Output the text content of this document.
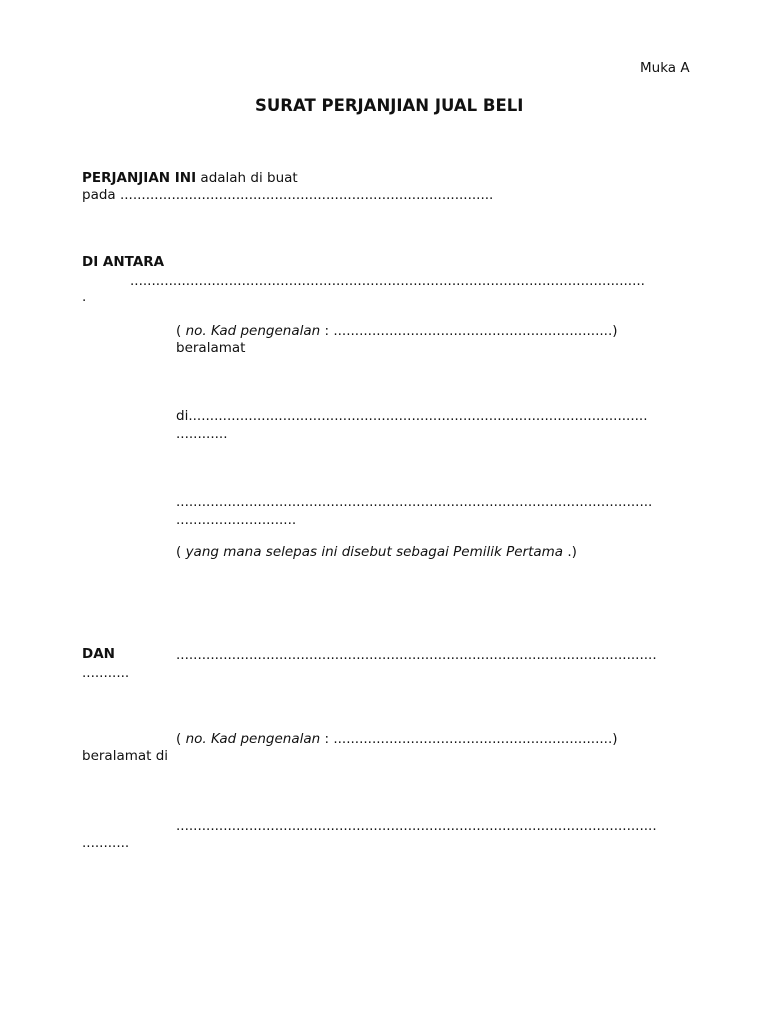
Muka A
SURAT PERJANJIAN JUAL BELI
PERJANJIAN INI adalah di buat
pada .......................................................................................
DI ANTARA
........................................................................................................................
.
( no. Kad pengenalan : .................................................................)
beralamat
di...........................................................................................................
............
...............................................................................................................
............................
( yang mana selepas ini disebut sebagai Pemilik Pertama .)
DAN	................................................................................................................
...........
( no. Kad pengenalan : .................................................................)
beralamat di
................................................................................................................
...........
